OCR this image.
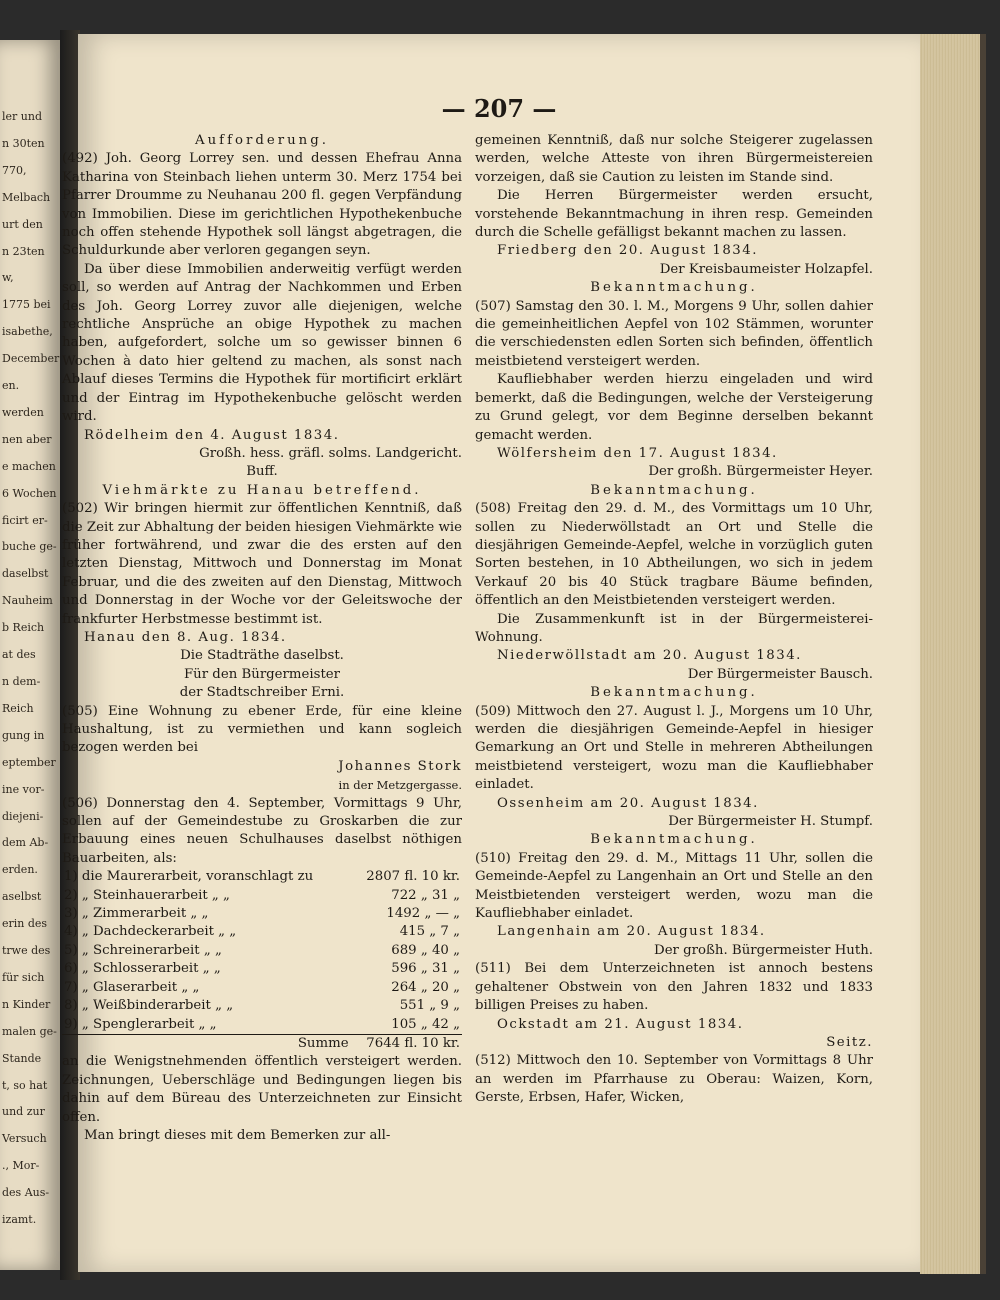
ler und
n 30ten
770,
Melbach
urt den
n 23ten
w,
1775 bei
isabethe,
December
en.
werden
nen aber
e machen
6 Wochen
ficirt er-
buche ge-
daselbst
Nauheim
b Reich
at des
n dem-
Reich
gung in
eptember
ine vor-
diejeni-
dem Ab-
erden.
aselbst
erin des
trwe des
für sich
n Kinder
malen ge-
Stande
t, so hat
und zur
Versuch
., Mor-
des Aus-
izamt.
— 207 —

Aufforderung.

(492) Joh. Georg Lorrey sen. und dessen Ehefrau Anna Katharina von Steinbach liehen unterm 30. Merz 1754 bei Pfarrer Droumme zu Neuhanau 200 fl. gegen Verpfändung von Immobilien. Diese im gerichtlichen Hypothekenbuche noch offen stehende Hypothek soll längst abgetragen, die Schuldurkunde aber verloren gegangen seyn.

Da über diese Immobilien anderweitig verfügt werden soll, so werden auf Antrag der Nachkommen und Erben des Joh. Georg Lorrey zuvor alle diejenigen, welche rechtliche Ansprüche an obige Hypothek zu machen haben, aufgefordert, solche um so gewisser binnen 6 Wochen à dato hier geltend zu machen, als sonst nach Ablauf dieses Termins die Hypothek für mortificirt erklärt und der Eintrag im Hypothekenbuche gelöscht werden wird.

Rödelheim den 4. August 1834.

Großh. hess. gräfl. solms. Landgericht.

Buff.

Viehmärkte zu Hanau betreffend.

(502) Wir bringen hiermit zur öffentlichen Kenntniß, daß die Zeit zur Abhaltung der beiden hiesigen Viehmärkte wie früher fortwährend, und zwar die des ersten auf den letzten Dienstag, Mittwoch und Donnerstag im Monat Februar, und die des zweiten auf den Dienstag, Mittwoch und Donnerstag in der Woche vor der Geleitswoche der frankfurter Herbstmesse bestimmt ist.

Hanau den 8. Aug. 1834.

Die Stadträthe daselbst.

Für den Bürgermeister

der Stadtschreiber Erni.

(505) Eine Wohnung zu ebener Erde, für eine kleine Haushaltung, ist zu vermiethen und kann sogleich bezogen werden bei

Johannes Stork

in der Metzgergasse.

(506) Donnerstag den 4. September, Vormittags 9 Uhr, sollen auf der Gemeindestube zu Groskarben die zur Erbauung eines neuen Schulhauses daselbst nöthigen Bauarbeiten, als:

1) die Maurerarbeit, voranschlagt zu	2807 fl. 10 kr.
2) „ Steinhauerarbeit „ „	722 „ 31 „
3) „ Zimmerarbeit „ „	1492 „ — „
4) „ Dachdeckerarbeit „ „	415 „ 7 „
5) „ Schreinerarbeit „ „	689 „ 40 „
6) „ Schlosserarbeit „ „	596 „ 31 „
7) „ Glaserarbeit „ „	264 „ 20 „
8) „ Weißbinderarbeit „ „	551 „ 9 „
9) „ Spenglerarbeit „ „	105 „ 42 „
Summe	7644 fl. 10 kr.

an die Wenigstnehmenden öffentlich versteigert werden. Zeichnungen, Ueberschläge und Bedingungen liegen bis dahin auf dem Büreau des Unterzeichneten zur Einsicht offen.

Man bringt dieses mit dem Bemerken zur all-

gemeinen Kenntniß, daß nur solche Steigerer zugelassen werden, welche Atteste von ihren Bürgermeistereien vorzeigen, daß sie Caution zu leisten im Stande sind.

Die Herren Bürgermeister werden ersucht, vorstehende Bekanntmachung in ihren resp. Gemeinden durch die Schelle gefälligst bekannt machen zu lassen.

Friedberg den 20. August 1834.

Der Kreisbaumeister Holzapfel.

Bekanntmachung.

(507) Samstag den 30. l. M., Morgens 9 Uhr, sollen dahier die gemeinheitlichen Aepfel von 102 Stämmen, worunter die verschiedensten edlen Sorten sich befinden, öffentlich meistbietend versteigert werden.

Kaufliebhaber werden hierzu eingeladen und wird bemerkt, daß die Bedingungen, welche der Versteigerung zu Grund gelegt, vor dem Beginne derselben bekannt gemacht werden.

Wölfersheim den 17. August 1834.

Der großh. Bürgermeister Heyer.

Bekanntmachung.

(508) Freitag den 29. d. M., des Vormittags um 10 Uhr, sollen zu Niederwöllstadt an Ort und Stelle die diesjährigen Gemeinde-Aepfel, welche in vorzüglich guten Sorten bestehen, in 10 Abtheilungen, wo sich in jedem Verkauf 20 bis 40 Stück tragbare Bäume befinden, öffentlich an den Meistbietenden versteigert werden.

Die Zusammenkunft ist in der Bürgermeisterei-Wohnung.

Niederwöllstadt am 20. August 1834.

Der Bürgermeister Bausch.

Bekanntmachung.

(509) Mittwoch den 27. August l. J., Morgens um 10 Uhr, werden die diesjährigen Gemeinde-Aepfel in hiesiger Gemarkung an Ort und Stelle in mehreren Abtheilungen meistbietend versteigert, wozu man die Kaufliebhaber einladet.

Ossenheim am 20. August 1834.

Der Bürgermeister H. Stumpf.

Bekanntmachung.

(510) Freitag den 29. d. M., Mittags 11 Uhr, sollen die Gemeinde-Aepfel zu Langenhain an Ort und Stelle an den Meistbietenden versteigert werden, wozu man die Kaufliebhaber einladet.

Langenhain am 20. August 1834.

Der großh. Bürgermeister Huth.

(511) Bei dem Unterzeichneten ist annoch bestens gehaltener Obstwein von den Jahren 1832 und 1833 billigen Preises zu haben.

Ockstadt am 21. August 1834.

Seitz.

(512) Mittwoch den 10. September von Vormittags 8 Uhr an werden im Pfarrhause zu Oberau: Waizen, Korn, Gerste, Erbsen, Hafer, Wicken,
